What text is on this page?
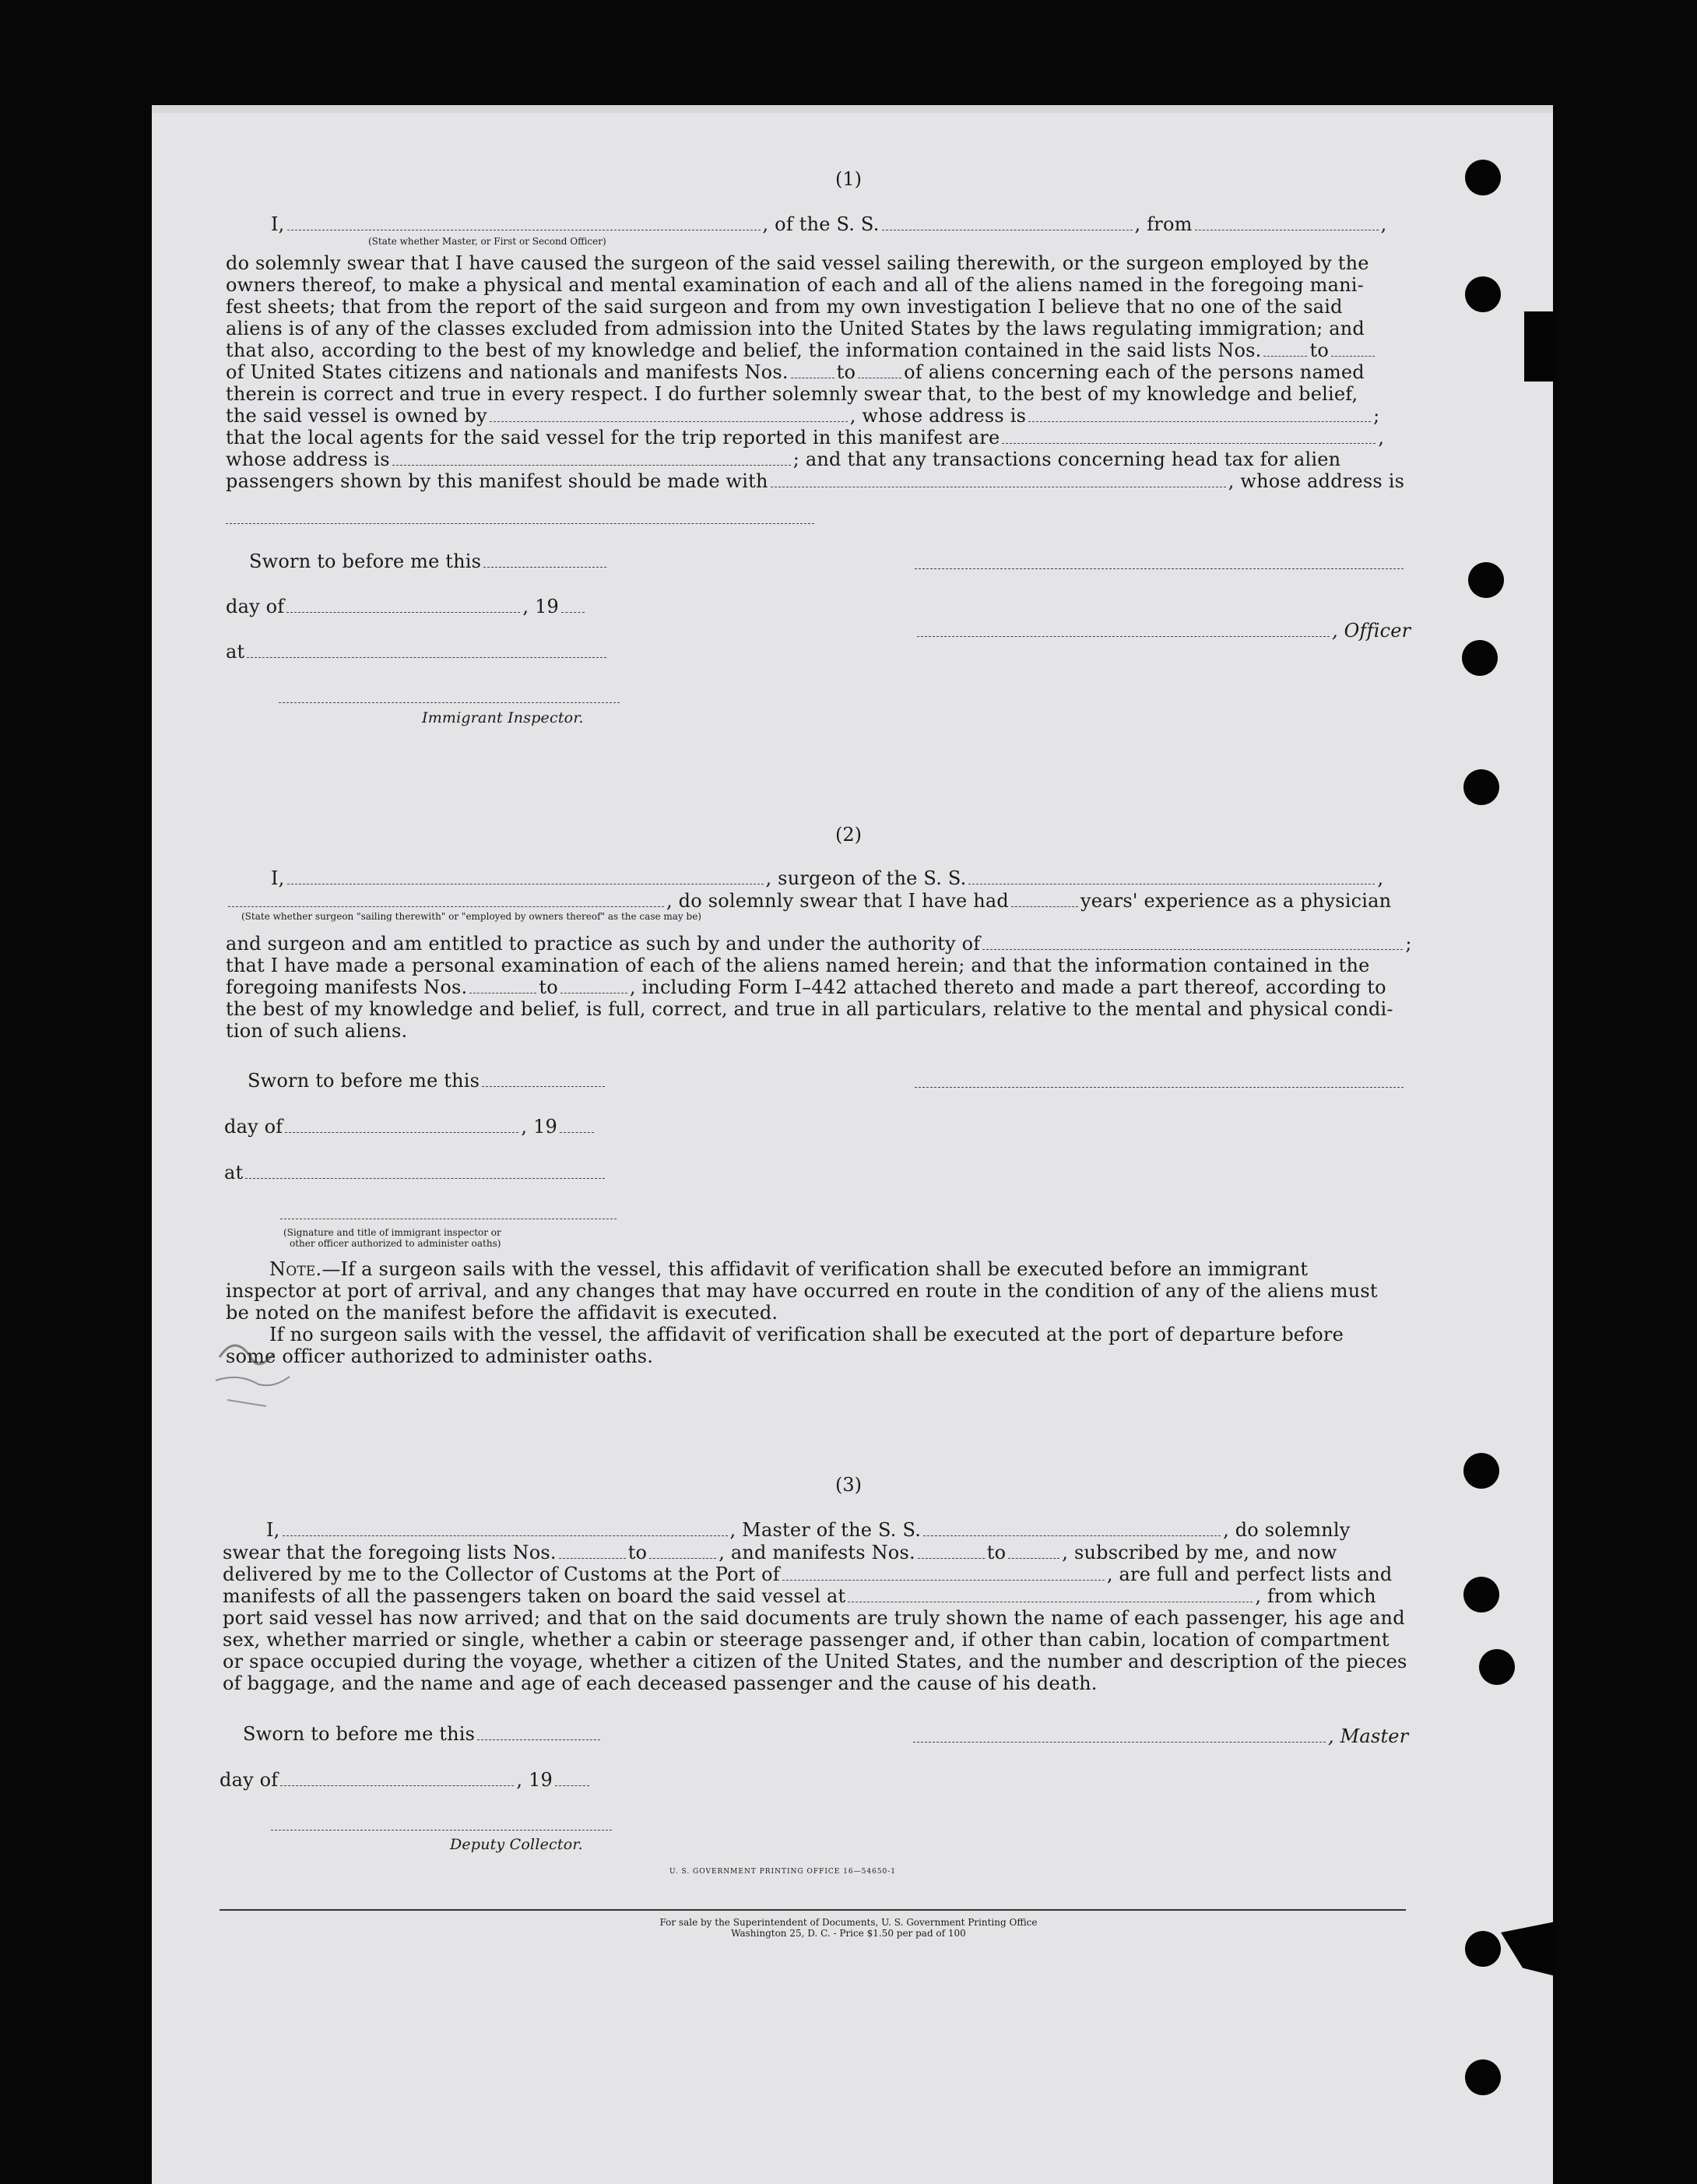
(1)
I,	, of the S. S.	, from	,
(State whether Master, or First or Second Officer)
do solemnly swear that I have caused the surgeon of the said vessel sailing therewith, or the surgeon employed by the
owners thereof, to make a physical and mental examination of each and all of the aliens named in the foregoing mani-
fest sheets; that from the report of the said surgeon and from my own investigation I believe that no one of the said
aliens is of any of the classes excluded from admission into the United States by the laws regulating immigration; and
that also, according to the best of my knowledge and belief, the information contained in the said lists Nos.	to
of United States citizens and nationals and manifests Nos.	to	of aliens concerning each of the persons named
therein is correct and true in every respect. I do further solemnly swear that, to the best of my knowledge and belief,
the said vessel is owned by	, whose address is	;
that the local agents for the said vessel for the trip reported in this manifest are	,
whose address is	; and that any transactions concerning head tax for alien
passengers shown by this manifest should be made with	, whose address is
Sworn to before me this
day of	, 19
at
Immigrant Inspector.
, Officer
(2)
I,	, surgeon of the S. S.	,
, do solemnly swear that I have had	years' experience as a physician
(State whether surgeon "sailing therewith" or "employed by owners thereof" as the case may be)
and surgeon and am entitled to practice as such by and under the authority of	;
that I have made a personal examination of each of the aliens named herein; and that the information contained in the
foregoing manifests Nos.	to	, including Form I–442 attached thereto and made a part thereof, according to
the best of my knowledge and belief, is full, correct, and true in all particulars, relative to the mental and physical condi-
tion of such aliens.
Sworn to before me this
day of	, 19
at
(Signature and title of immigrant inspector or
other officer authorized to administer oaths)
Note.—If a surgeon sails with the vessel, this affidavit of verification shall be executed before an immigrant
inspector at port of arrival, and any changes that may have occurred en route in the condition of any of the aliens must
be noted on the manifest before the affidavit is executed.
If no surgeon sails with the vessel, the affidavit of verification shall be executed at the port of departure before
some officer authorized to administer oaths.
(3)
I,	, Master of the S. S.	, do solemnly
swear that the foregoing lists Nos.	to	, and manifests Nos.	to	, subscribed by me, and now
delivered by me to the Collector of Customs at the Port of	, are full and perfect lists and
manifests of all the passengers taken on board the said vessel at	, from which
port said vessel has now arrived; and that on the said documents are truly shown the name of each passenger, his age and
sex, whether married or single, whether a cabin or steerage passenger and, if other than cabin, location of compartment
or space occupied during the voyage, whether a citizen of the United States, and the number and description of the pieces
of baggage, and the name and age of each deceased passenger and the cause of his death.
Sworn to before me this	, Master
day of	, 19
Deputy Collector.
U. S. GOVERNMENT PRINTING OFFICE 16—54650-1
For sale by the Superintendent of Documents, U. S. Government Printing Office
Washington 25, D. C. - Price $1.50 per pad of 100
